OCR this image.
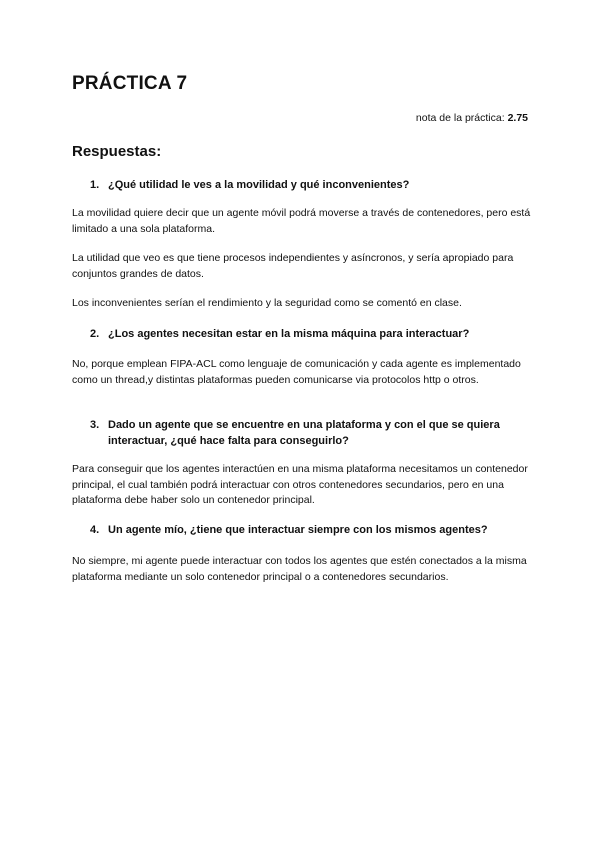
PRÁCTICA 7
nota de la práctica: 2.75
Respuestas:

1. ¿Qué utilidad le ves a la movilidad y qué inconvenientes?

La movilidad quiere decir que un agente móvil podrá moverse a través de contenedores, pero está limitado a una sola plataforma.

La utilidad que veo es que tiene procesos independientes y asíncronos, y sería apropiado para conjuntos grandes de datos.

Los inconvenientes serían el rendimiento y la seguridad como se comentó en clase.

2. ¿Los agentes necesitan estar en la misma máquina para interactuar?

No, porque emplean FIPA-ACL como lenguaje de comunicación y cada agente es implementado como un thread,y distintas plataformas pueden comunicarse via protocolos http o otros.

3. Dado un agente que se encuentre en una plataforma y con el que se quiera interactuar, ¿qué hace falta para conseguirlo?

Para conseguir que los agentes interactúen en una misma plataforma necesitamos un contenedor principal, el cual también podrá interactuar con otros contenedores secundarios, pero en una plataforma debe haber solo un contenedor principal.

4. Un agente mío, ¿tiene que interactuar siempre con los mismos agentes?

No siempre, mi agente puede interactuar con todos los agentes que estén conectados a la misma plataforma mediante un solo contenedor principal o a contenedores secundarios.
